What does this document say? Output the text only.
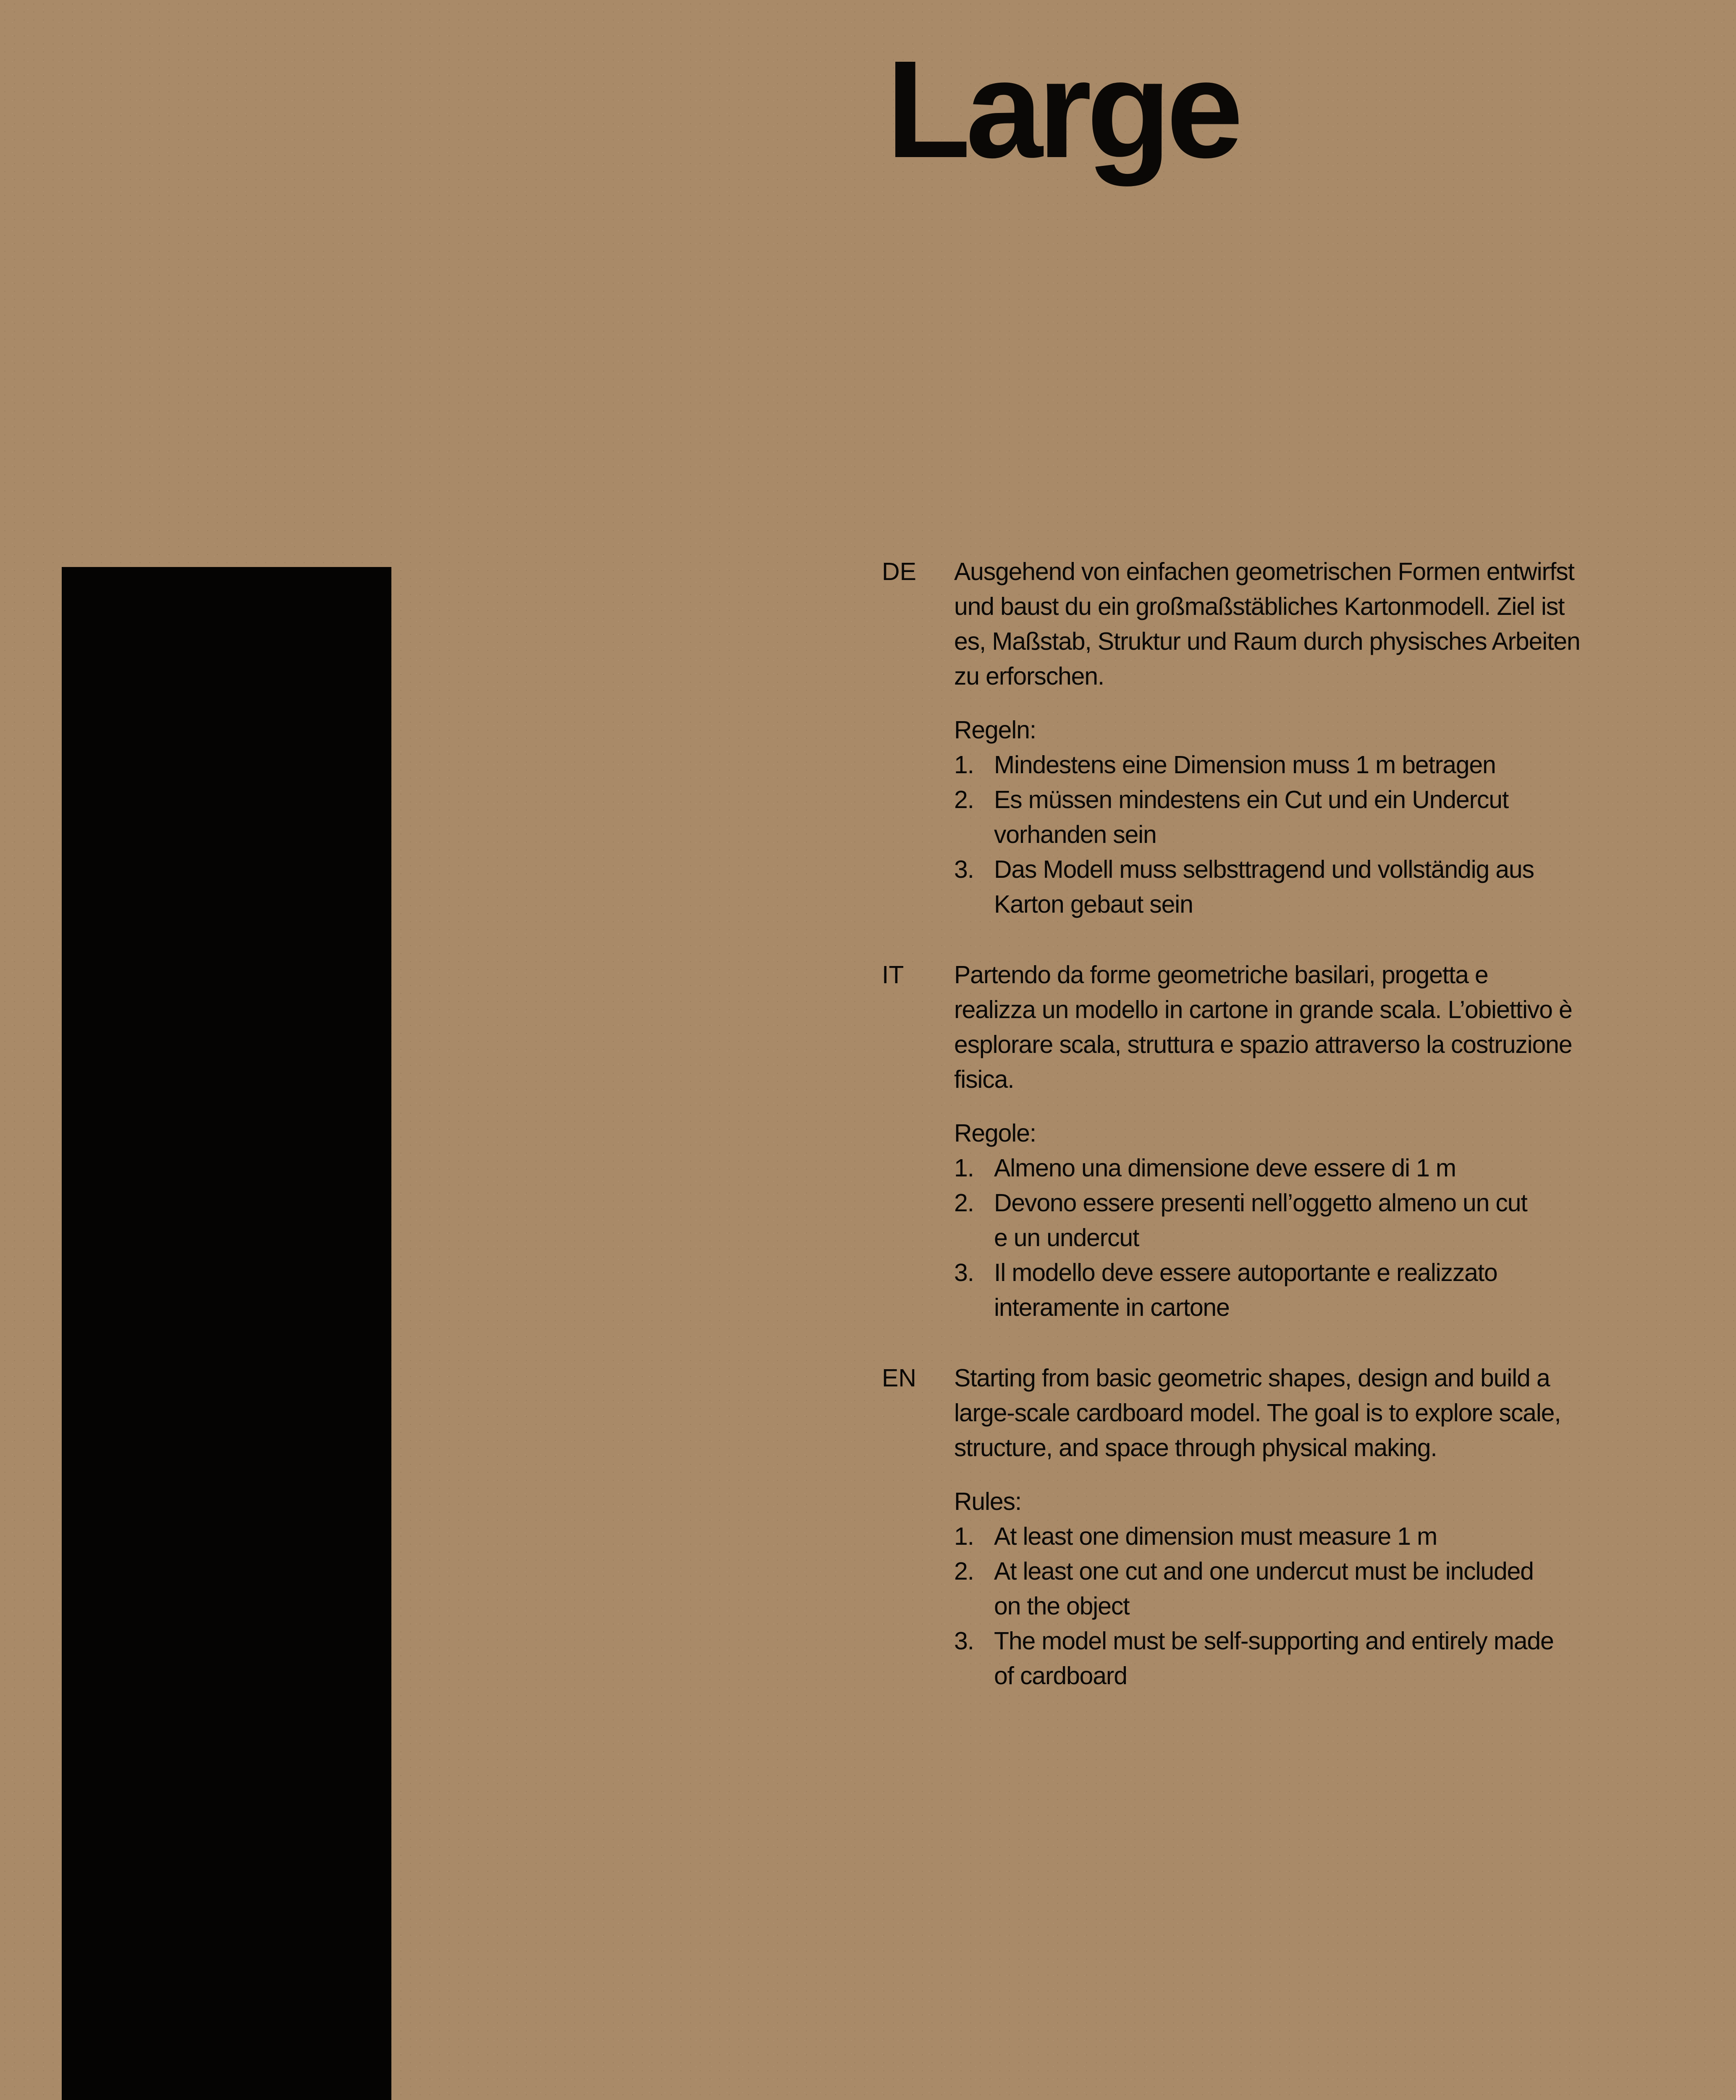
Large
DE	Ausgehend von einfachen geometrischen Formen entwirfst
und baust du ein großmaßstäbliches Kartonmodell. Ziel ist
es, Maßstab, Struktur und Raum durch physisches Arbeiten
zu erforschen.

Regeln:

1. Mindestens eine Dimension muss 1 m betragen
2. Es müssen mindestens ein Cut und ein Undercut
vorhanden sein
3. Das Modell muss selbsttragend und vollständig aus
Karton gebaut sein
IT	Partendo da forme geometriche basilari, progetta e
realizza un modello in cartone in grande scala. L’obiettivo è
esplorare scala, struttura e spazio attraverso la costruzione
fisica.

Regole:

1. Almeno una dimensione deve essere di 1 m
2. Devono essere presenti nell’oggetto almeno un cut
e un undercut
3. Il modello deve essere autoportante e realizzato
interamente in cartone
EN	Starting from basic geometric shapes, design and build a
large-scale cardboard model. The goal is to explore scale,
structure, and space through physical making.

Rules:

1. At least one dimension must measure 1 m
2. At least one cut and one undercut must be included
on the object
3. The model must be self-supporting and entirely made
of cardboard
